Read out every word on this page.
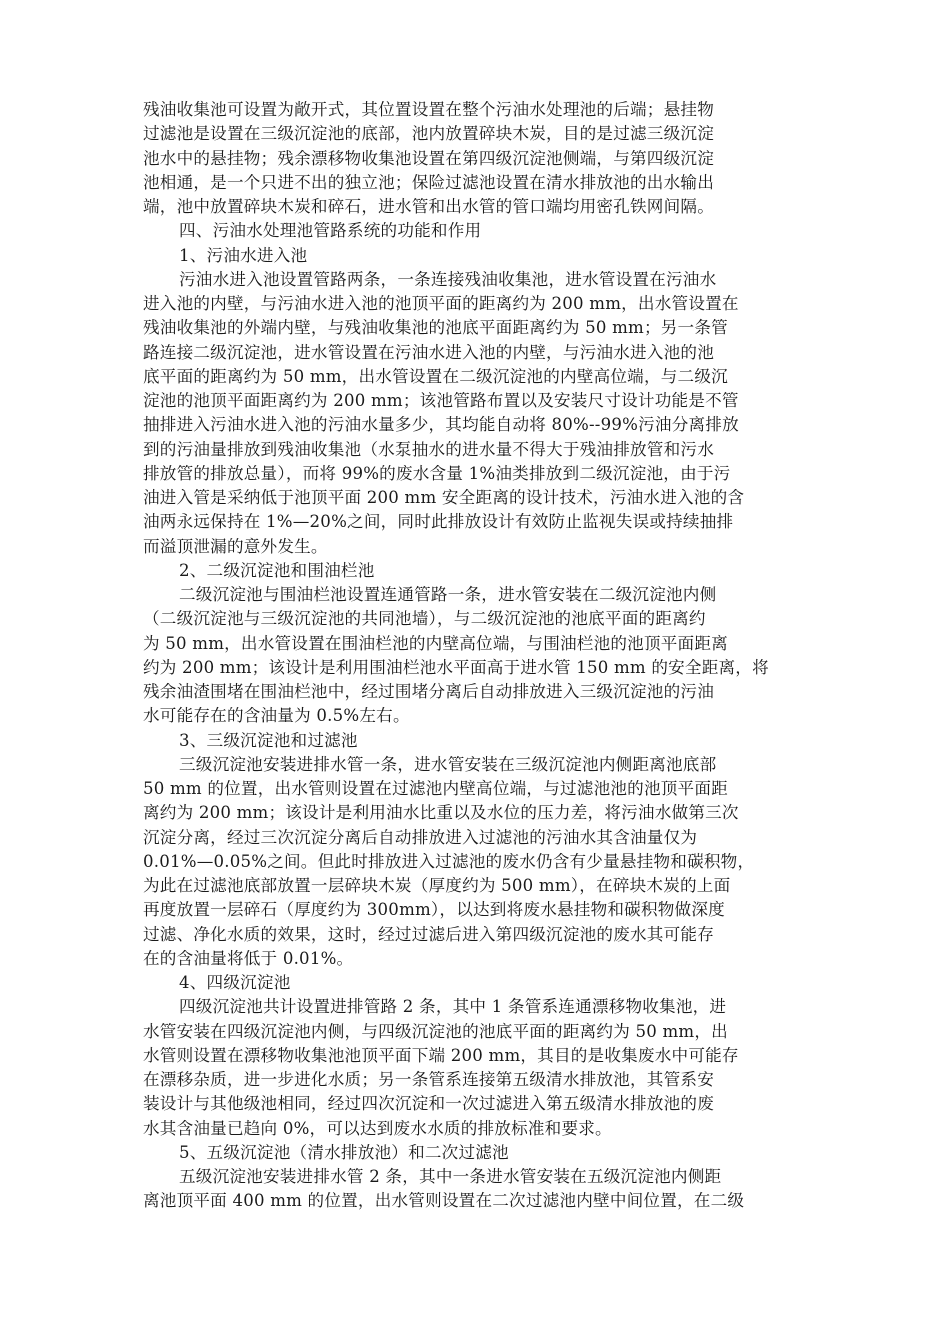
残油收集池可设置为敞开式，其位置设置在整个污油水处理池的后端；悬挂物
过滤池是设置在三级沉淀池的底部，池内放置碎块木炭，目的是过滤三级沉淀
池水中的悬挂物；残余漂移物收集池设置在第四级沉淀池侧端，与第四级沉淀
池相通，是一个只进不出的独立池；保险过滤池设置在清水排放池的出水输出
端，池中放置碎块木炭和碎石，进水管和出水管的管口端均用密孔铁网间隔。
四、污油水处理池管路系统的功能和作用
1、污油水进入池
污油水进入池设置管路两条，一条连接残油收集池，进水管设置在污油水
进入池的内壁，与污油水进入池的池顶平面的距离约为 200 mm，出水管设置在
残油收集池的外端内壁，与残油收集池的池底平面距离约为 50 mm；另一条管
路连接二级沉淀池，进水管设置在污油水进入池的内壁，与污油水进入池的池
底平面的距离约为 50 mm，出水管设置在二级沉淀池的内壁高位端，与二级沉
淀池的池顶平面距离约为 200 mm；该池管路布置以及安装尺寸设计功能是不管
抽排进入污油水进入池的污油水量多少，其均能自动将 80%--99%污油分离排放
到的污油量排放到残油收集池（水泵抽水的进水量不得大于残油排放管和污水
排放管的排放总量），而将 99%的废水含量 1%油类排放到二级沉淀池，由于污
油进入管是采纳低于池顶平面 200 mm 安全距离的设计技术，污油水进入池的含
油两永远保持在 1%—20%之间，同时此排放设计有效防止监视失误或持续抽排
而溢顶泄漏的意外发生。
2、二级沉淀池和围油栏池
二级沉淀池与围油栏池设置连通管路一条，进水管安装在二级沉淀池内侧
（二级沉淀池与三级沉淀池的共同池墙），与二级沉淀池的池底平面的距离约
为 50 mm，出水管设置在围油栏池的内壁高位端，与围油栏池的池顶平面距离
约为 200 mm；该设计是利用围油栏池水平面高于进水管 150 mm 的安全距离，将
残余油渣围堵在围油栏池中，经过围堵分离后自动排放进入三级沉淀池的污油
水可能存在的含油量为 0.5%左右。
3、三级沉淀池和过滤池
三级沉淀池安装进排水管一条，进水管安装在三级沉淀池内侧距离池底部
50 mm 的位置，出水管则设置在过滤池内壁高位端，与过滤池池的池顶平面距
离约为 200 mm；该设计是利用油水比重以及水位的压力差，将污油水做第三次
沉淀分离，经过三次沉淀分离后自动排放进入过滤池的污油水其含油量仅为
0.01%—0.05%之间。但此时排放进入过滤池的废水仍含有少量悬挂物和碳积物，
为此在过滤池底部放置一层碎块木炭（厚度约为 500 mm），在碎块木炭的上面
再度放置一层碎石（厚度约为 300mm），以达到将废水悬挂物和碳积物做深度
过滤、净化水质的效果，这时，经过过滤后进入第四级沉淀池的废水其可能存
在的含油量将低于 0.01%。
4、四级沉淀池
四级沉淀池共计设置进排管路 2 条，其中 1 条管系连通漂移物收集池，进
水管安装在四级沉淀池内侧，与四级沉淀池的池底平面的距离约为 50 mm，出
水管则设置在漂移物收集池池顶平面下端 200 mm，其目的是收集废水中可能存
在漂移杂质，进一步进化水质；另一条管系连接第五级清水排放池，其管系安
装设计与其他级池相同，经过四次沉淀和一次过滤进入第五级清水排放池的废
水其含油量已趋向 0%，可以达到废水水质的排放标准和要求。
5、五级沉淀池（清水排放池）和二次过滤池
五级沉淀池安装进排水管 2 条，其中一条进水管安装在五级沉淀池内侧距
离池顶平面 400 mm 的位置，出水管则设置在二次过滤池内壁中间位置，在二级
